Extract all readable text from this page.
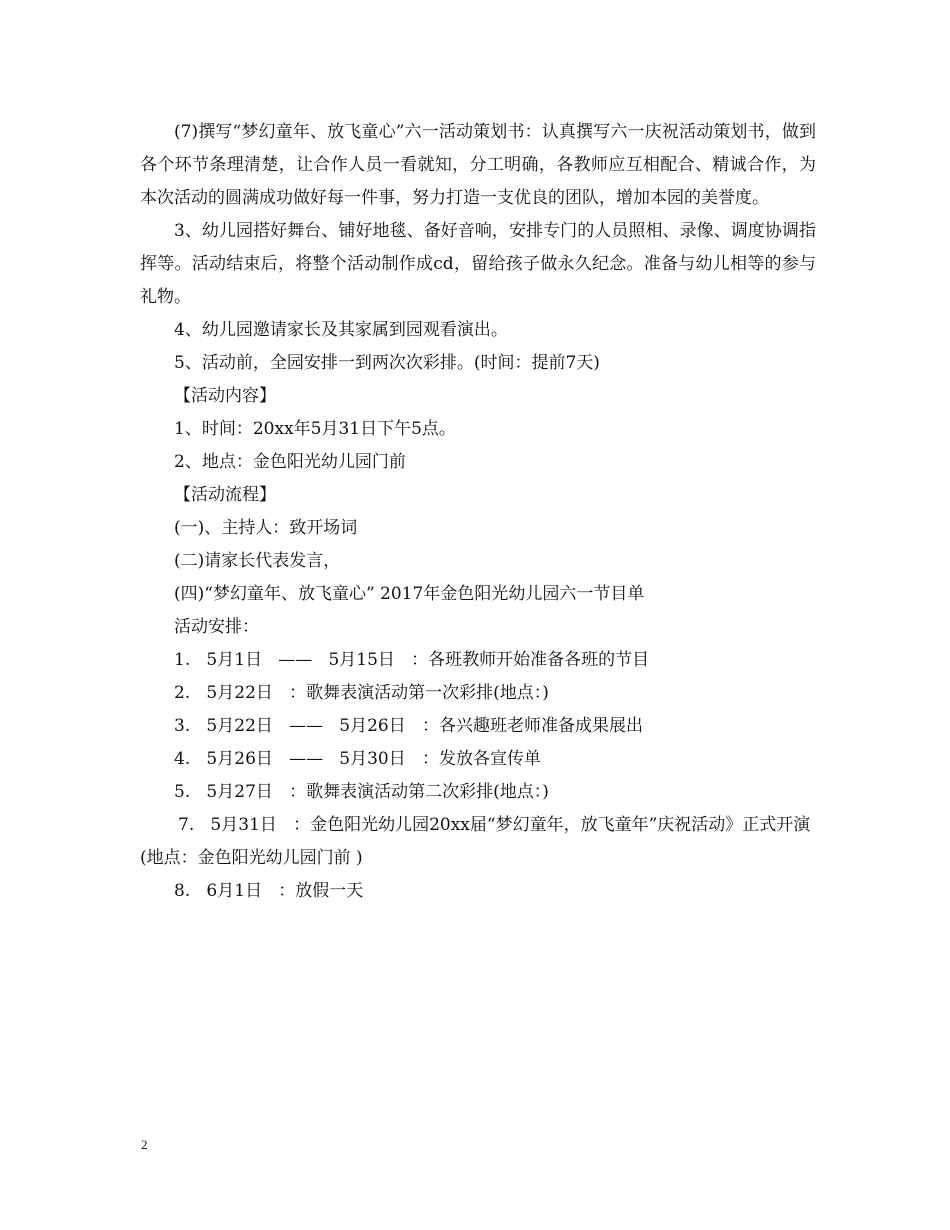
(7)撰写“梦幻童年、放飞童心”六一活动策划书：认真撰写六一庆祝活动策划书，做到各个环节条理清楚，让合作人员一看就知，分工明确，各教师应互相配合、精诚合作，为本次活动的圆满成功做好每一件事，努力打造一支优良的团队，增加本园的美誉度。

3、幼儿园搭好舞台、铺好地毯、备好音响，安排专门的人员照相、录像、调度协调指挥等。活动结束后，将整个活动制作成cd，留给孩子做永久纪念。准备与幼儿相等的参与礼物。

4、幼儿园邀请家长及其家属到园观看演出。

5、活动前，全园安排一到两次次彩排。(时间：提前7天)

【活动内容】

1、时间：20xx年5月31日下午5点。

2、地点：金色阳光幼儿园门前

【活动流程】

(一)、主持人：致开场词

(二)请家长代表发言，

(四)“梦幻童年、放飞童心” 2017年金色阳光幼儿园六一节目单

活动安排：

1.   5月1日   ——   5月15日   ：各班教师开始准备各班的节目

2.   5月22日   ：歌舞表演活动第一次彩排(地点：)

3.   5月22日   ——   5月26日   ：各兴趣班老师准备成果展出

4.   5月26日   ——   5月30日   ：发放各宣传单

5.   5月27日   ：歌舞表演活动第二次彩排(地点：)

7.   5月31日   ：金色阳光幼儿园20xx届“梦幻童年，放飞童年”庆祝活动》正式开演(地点：金色阳光幼儿园门前 )

8.   6月1日   ：放假一天

2
